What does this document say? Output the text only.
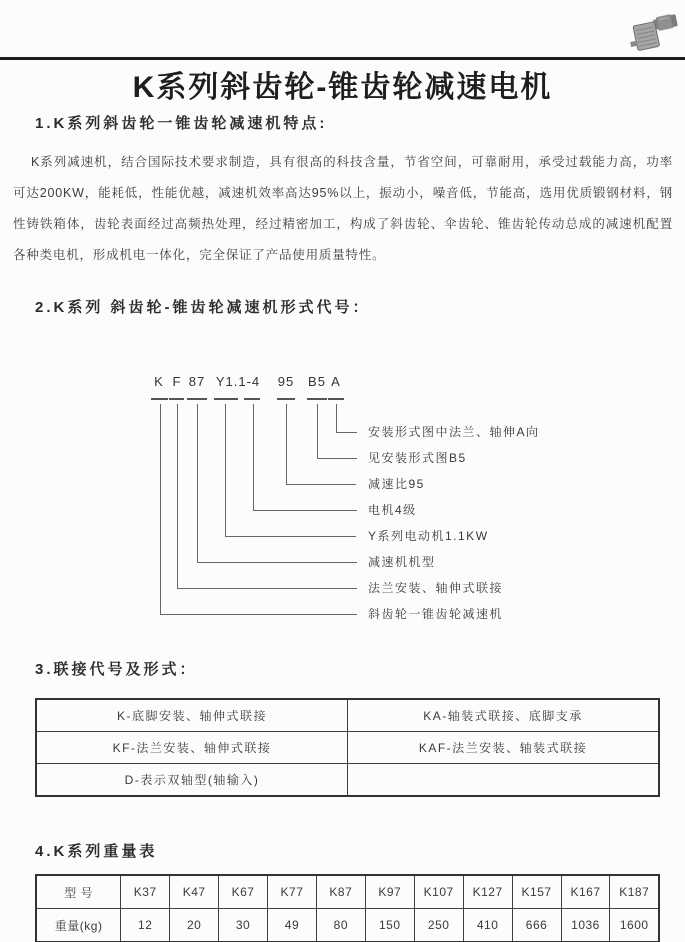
K系列斜齿轮-锥齿轮减速电机
1.K系列斜齿轮一锥齿轮减速机特点:
K系列减速机，结合国际技术要求制造，具有很高的科技含量，节省空间，可靠耐用，承受过载能力高，功率可达200KW，能耗低，性能优越，减速机效率高达95%以上，振动小，噪音低，节能高，选用优质锻钢材料，钢性铸铁箱体，齿轮表面经过高频热处理，经过精密加工，构成了斜齿轮、伞齿轮、锥齿轮传动总成的减速机配置各种类电机，形成机电一体化，完全保证了产品使用质量特性。
2.K系列 斜齿轮-锥齿轮减速机形式代号：
K F 87 Y1.1-4	95	B5 A
安装形式图中法兰、轴伸A向
见安装形式图B5
减速比95
电机4级
Y系列电动机1.1KW
减速机机型
法兰安装、轴伸式联接
斜齿轮一锥齿轮减速机
3.联接代号及形式：
K-底脚安装、轴伸式联接	KA-轴装式联接、底脚支承
KF-法兰安装、轴伸式联接	KAF-法兰安装、轴装式联接
D-表示双轴型(轴输入)	
4.K系列重量表
型 号	K37	K47	K67	K77	K87	K97	K107	K127	K157	K167	K187
重量(kg)	12	20	30	49	80	150	250	410	666	1036	1600
